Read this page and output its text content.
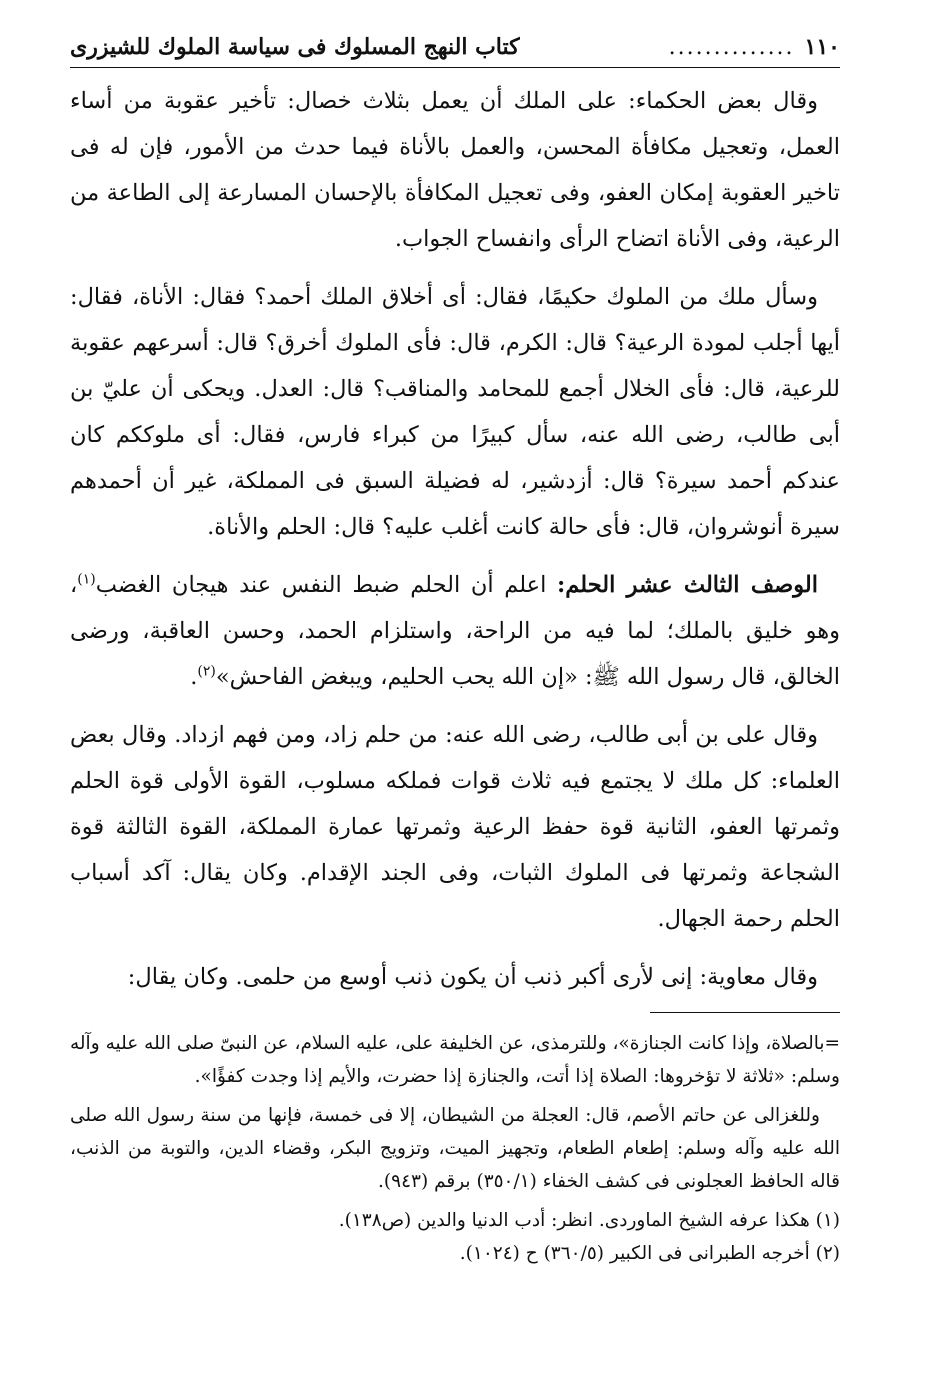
١١٠
..............
كتاب النهج المسلوك فى سياسة الملوك للشيزرى

وقال بعض الحكماء: على الملك أن يعمل بثلاث خصال: تأخير عقوبة من أساء العمل، وتعجيل مكافأة المحسن، والعمل بالأناة فيما حدث من الأمور، فإن له فى تاخير العقوبة إمكان العفو، وفى تعجيل المكافأة بالإحسان المسارعة إلى الطاعة من الرعية، وفى الأناة اتضاح الرأى وانفساح الجواب.

وسأل ملك من الملوك حكيمًا، فقال: أى أخلاق الملك أحمد؟ فقال: الأناة، فقال: أيها أجلب لمودة الرعية؟ قال: الكرم، قال: فأى الملوك أخرق؟ قال: أسرعهم عقوبة للرعية، قال: فأى الخلال أجمع للمحامد والمناقب؟ قال: العدل. ويحكى أن عليّ بن أبى طالب، رضى الله عنه، سأل كبيرًا من كبراء فارس، فقال: أى ملوككم كان عندكم أحمد سيرة؟ قال: أزدشير، له فضيلة السبق فى المملكة، غير أن أحمدهم سيرة أنوشروان، قال: فأى حالة كانت أغلب عليه؟ قال: الحلم والأناة.

الوصف الثالث عشر الحلم: اعلم أن الحلم ضبط النفس عند هيجان الغضب$^{(١)}$، وهو خليق بالملك؛ لما فيه من الراحة، واستلزام الحمد، وحسن العاقبة، ورضى الخالق، قال رسول الله ﷺ: «إن الله يحب الحليم، ويبغض الفاحش»$^{(٢)}$.

وقال على بن أبى طالب، رضى الله عنه: من حلم زاد، ومن فهم ازداد. وقال بعض العلماء: كل ملك لا يجتمع فيه ثلاث قوات فملكه مسلوب، القوة الأولى قوة الحلم وثمرتها العفو، الثانية قوة حفظ الرعية وثمرتها عمارة المملكة، القوة الثالثة قوة الشجاعة وثمرتها فى الملوك الثبات، وفى الجند الإقدام. وكان يقال: آكد أسباب الحلم رحمة الجهال.

وقال معاوية: إنى لأرى أكبر ذنب أن يكون ذنب أوسع من حلمى. وكان يقال:

=بالصلاة، وإذا كانت الجنازة»، وللترمذى، عن الخليفة على، عليه السلام، عن النبىّ صلى الله عليه وآله وسلم: «ثلاثة لا تؤخروها: الصلاة إذا أتت، والجنازة إذا حضرت، والأيم إذا وجدت كفؤًا».

وللغزالى عن حاتم الأصم، قال: العجلة من الشيطان، إلا فى خمسة، فإنها من سنة رسول الله صلى الله عليه وآله وسلم: إطعام الطعام، وتجهيز الميت، وتزويج البكر، وقضاء الدين، والتوبة من الذنب، قاله الحافظ العجلونى فى كشف الخفاء (٣٥٠/١) برقم (٩٤٣).

(١) هكذا عرفه الشيخ الماوردى. انظر: أدب الدنيا والدين (ص١٣٨).

(٢) أخرجه الطبرانى فى الكبير (٣٦٠/٥) ح (١٠٢٤).
